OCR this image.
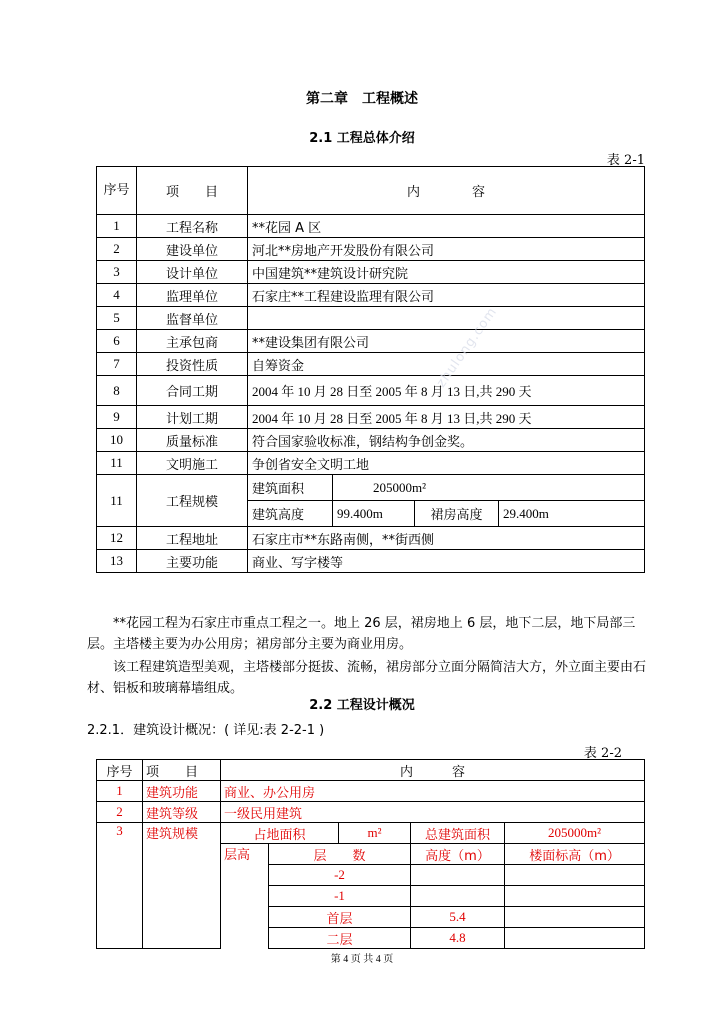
第二章　工程概述
2.1 工程总体介绍
表 2-1
序号	项　　目	内　　　　容			
1	工程名称	**花园 A 区			
2	建设单位	河北**房地产开发股份有限公司			
3	设计单位	中国建筑**建筑设计研究院			
4	监理单位	石家庄**工程建设监理有限公司			
5	监督单位				
6	主承包商	**建设集团有限公司			
7	投资性质	自筹资金			
8	合同工期	2004 年 10 月 28 日至 2005 年 8 月 13 日,共 290 天			
9	计划工期	2004 年 10 月 28 日至 2005 年 8 月 13 日,共 290 天			
10	质量标准	符合国家验收标准，钢结构争创金奖。			
11	文明施工	争创省安全文明工地			
11	工程规模	建筑面积	205000m²		
		建筑高度	99.400m	裙房高度	29.400m
12	工程地址	石家庄市**东路南侧，**街西侧			
13	主要功能	商业、写字楼等			
**花园工程为石家庄市重点工程之一。地上 26 层，裙房地上 6 层，地下二层，地下局部三层。主塔楼主要为办公用房；裙房部分主要为商业用房。
该工程建筑造型美观，主塔楼部分挺拔、流畅，裙房部分立面分隔简洁大方，外立面主要由石材、铝板和玻璃幕墙组成。
2.2 工程设计概况
2.2.1．建筑设计概况：( 详见:表 2-2-1 )
表 2-2
序号	项　　目	内　　　容				
1	建筑功能	商业、办公用房				
2	建筑等级	一级民用建筑				
3	建筑规模	占地面积		m²	总建筑面积	205000m²
		层高	层　　数		高度（m）	楼面标高（m）
			-2			
			-1			
			首层		5.4	
			二层		4.8	
第 4 页 共 4 页
zhulong.com
